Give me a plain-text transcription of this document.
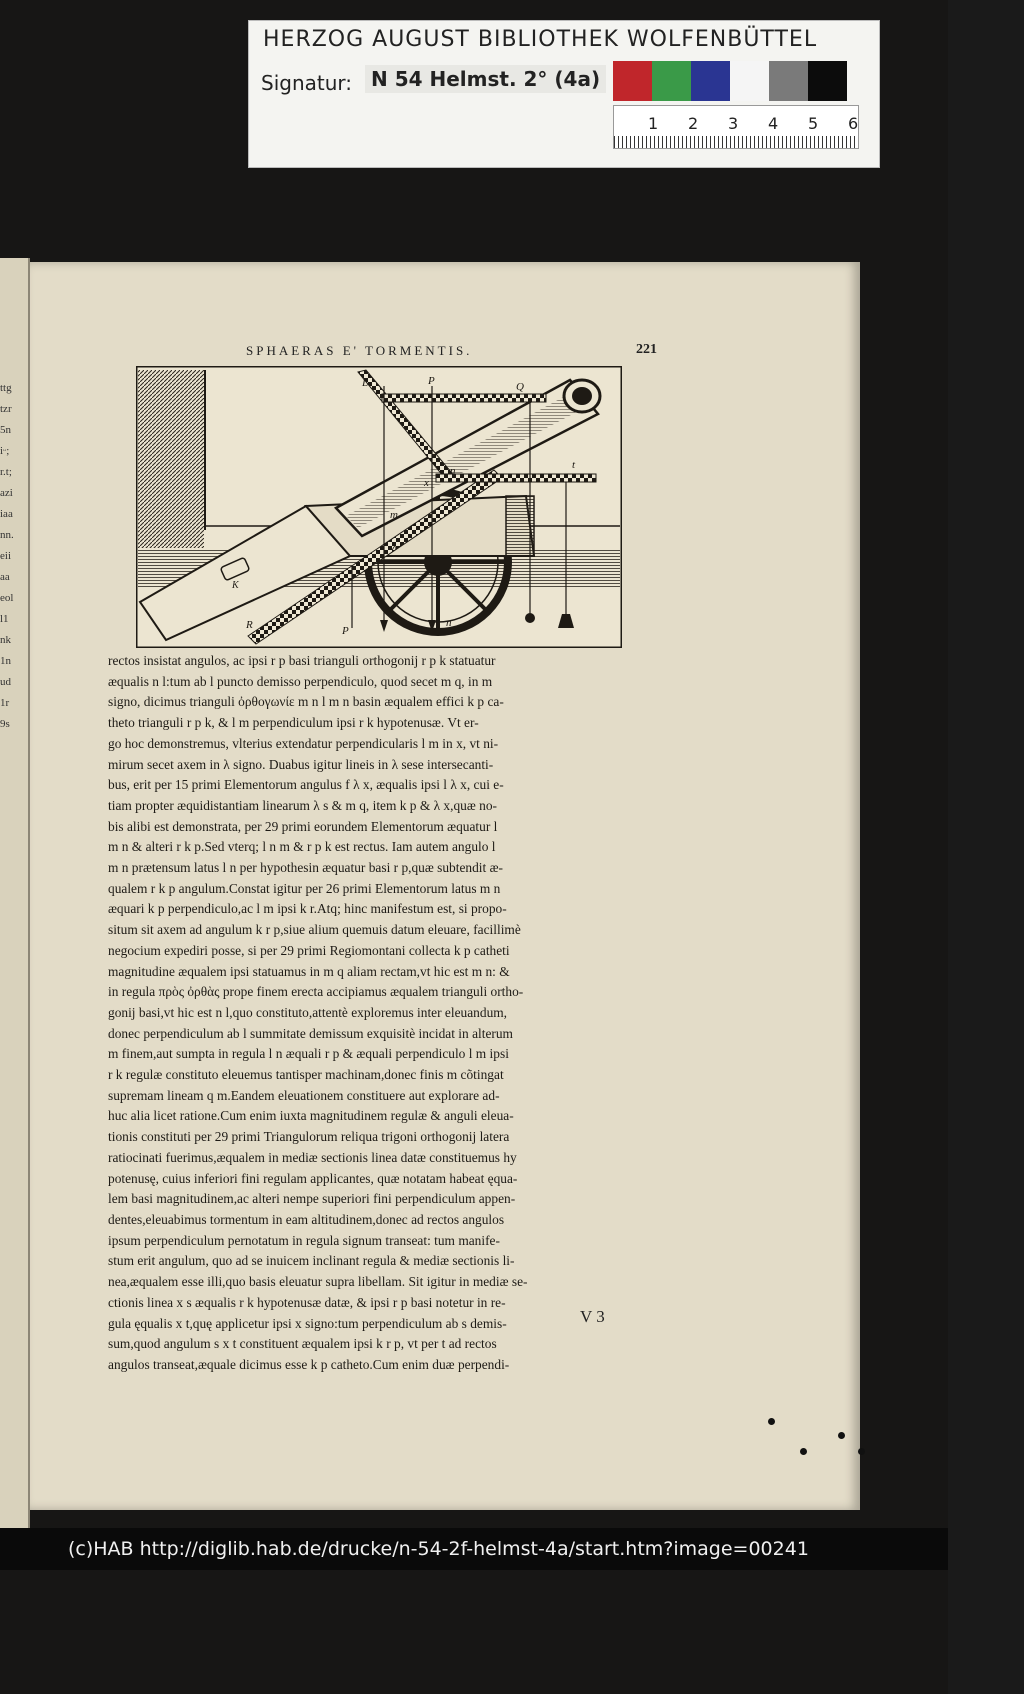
ttgtzr5niᵕ;r.t;aziiaann.eiiaaeoll1nk1nud1r9s
HERZOG AUGUST BIBLIOTHEK WOLFENBÜTTEL
Signatur: N 54 Helmst. 2° (4a)
1 2 3 4 5 6
SPHAERAS E' TORMENTIS.	221
L	P	Q
t
n
x
m
λ
R	P
n
K
rectos insistat angulos, ac ipsi r p basi trianguli orthogonij r p k statuatur
æqualis n l:tum ab l puncto demisso perpendiculo, quod secet m q, in m
signo, dicimus trianguli ὀρθογωνίε m n l m n basin æqualem effici k p ca-
theto trianguli r p k, & l m perpendiculum ipsi r k hypotenusæ. Vt er-
go hoc demonstremus, vlterius extendatur perpendicularis l m in x, vt ni-
mirum secet axem in λ signo. Duabus igitur lineis in λ sese intersecanti-
bus, erit per 15 primi Elementorum angulus f λ x, æqualis ipsi l λ x, cui e-
tiam propter æquidistantiam linearum λ s & m q, item k p & λ x,quæ no-
bis alibi est demonstrata, per 29 primi eorundem Elementorum æquatur l
m n & alteri r k p.Sed vterq; l n m & r p k est rectus. Iam autem angulo l
m n prætensum latus l n per hypothesin æquatur basi r p,quæ subtendit æ-
qualem r k p angulum.Constat igitur per 26 primi Elementorum latus m n
æquari k p perpendiculo,ac l m ipsi k r.Atq; hinc manifestum est, si propo-
situm sit axem ad angulum k r p,siue alium quemuis datum eleuare, facillimè
negocium expediri posse, si per 29 primi Regiomontani collecta k p catheti
magnitudine æqualem ipsi statuamus in m q aliam rectam,vt hic est m n: &
in regula πρὸς ὀρθὰς prope finem erecta accipiamus æqualem trianguli ortho-
gonij basi,vt hic est n l,quo constituto,attentè exploremus inter eleuandum,
donec perpendiculum ab l summitate demissum exquisitè incidat in alterum
m finem,aut sumpta in regula l n æquali r p & æquali perpendiculo l m ipsi
r k regulæ constituto eleuemus tantisper machinam,donec finis m cõtingat
supremam lineam q m.Eandem eleuationem constituere aut explorare ad-
huc alia licet ratione.Cum enim iuxta magnitudinem regulæ & anguli eleua-
tionis constituti per 29 primi Triangulorum reliqua trigoni orthogonij latera
ratiocinati fuerimus,æqualem in mediæ sectionis linea datæ constituemus hy
potenusę, cuius inferiori fini regulam applicantes, quæ notatam habeat ęqua-
lem basi magnitudinem,ac alteri nempe superiori fini perpendiculum appen-
dentes,eleuabimus tormentum in eam altitudinem,donec ad rectos angulos
ipsum perpendiculum pernotatum in regula signum transeat: tum manife-
stum erit angulum, quo ad se inuicem inclinant regula & mediæ sectionis li-
nea,æqualem esse illi,quo basis eleuatur supra libellam. Sit igitur in mediæ se-
ctionis linea x s æqualis r k hypotenusæ datæ, & ipsi r p basi notetur in re-
gula ęqualis x t,quę applicetur ipsi x signo:tum perpendiculum ab s demis-
sum,quod angulum s x t constituent æqualem ipsi k r p, vt per t ad rectos
angulos transeat,æquale dicimus esse k p catheto.Cum enim duæ perpendi-
V 3
(c)HAB http://diglib.hab.de/drucke/n-54-2f-helmst-4a/start.htm?image=00241
